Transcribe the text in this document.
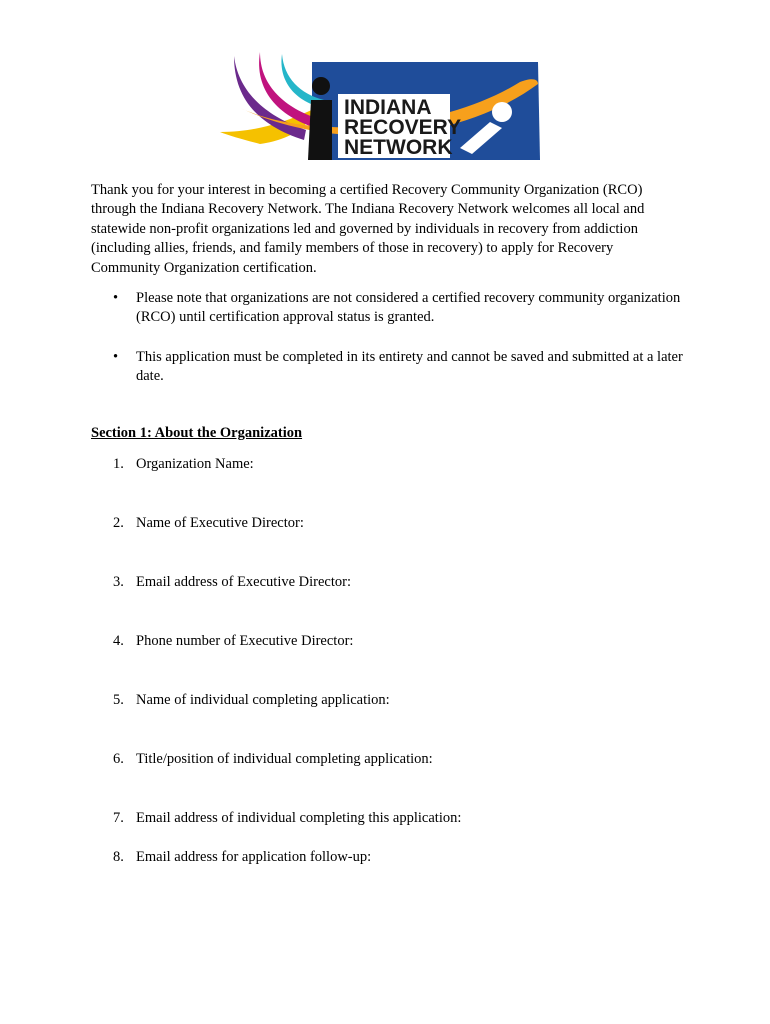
INDIANA
RECOVERY
NETWORK

Thank you for your interest in becoming a certified Recovery Community Organization (RCO) through the Indiana Recovery Network. The Indiana Recovery Network welcomes all local and statewide non-profit organizations led and governed by individuals in recovery from addiction (including allies, friends, and family members of those in recovery) to apply for Recovery Community Organization certification.

• Please note that organizations are not considered a certified recovery community organization (RCO) until certification approval status is granted.
• This application must be completed in its entirety and cannot be saved and submitted at a later date.
Section 1: About the Organization

1. Organization Name:

2. Name of Executive Director:

3. Email address of Executive Director:

4. Phone number of Executive Director:

5. Name of individual completing application:

6. Title/position of individual completing application:

7. Email address of individual completing this application:

8. Email address for application follow-up:
